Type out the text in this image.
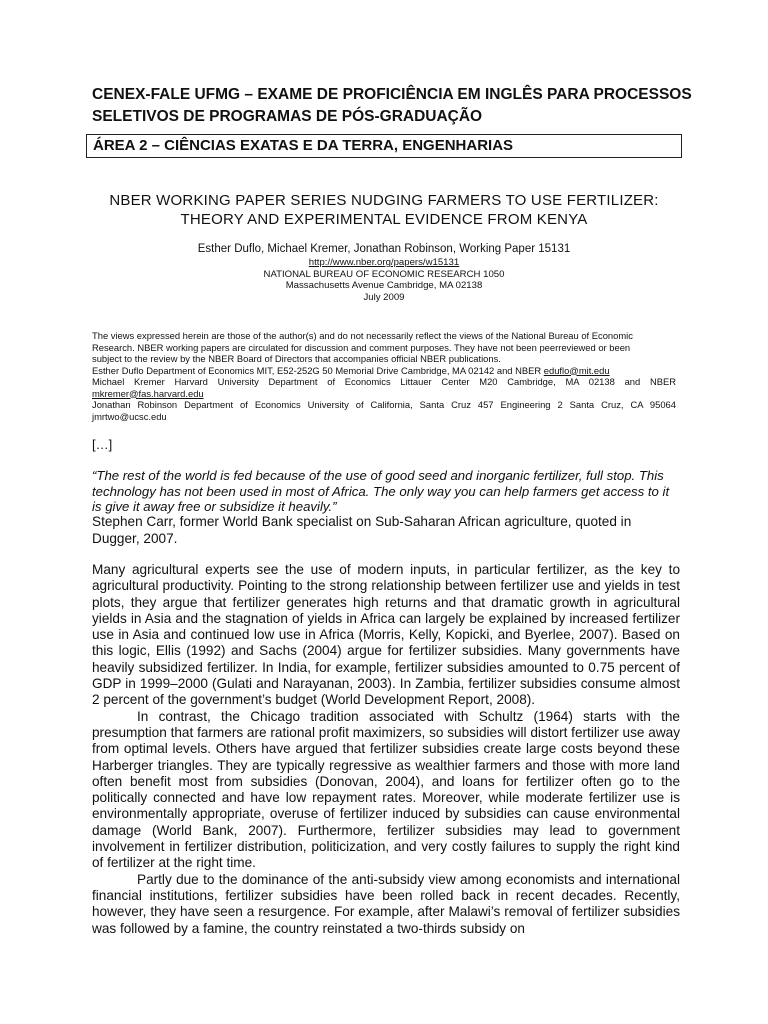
CENEX-FALE UFMG – EXAME DE PROFICIÊNCIA EM INGLÊS PARA PROCESSOS SELETIVOS DE PROGRAMAS DE PÓS-GRADUAÇÃO
ÁREA 2 – CIÊNCIAS EXATAS E DA TERRA, ENGENHARIAS
NBER WORKING PAPER SERIES NUDGING FARMERS TO USE FERTILIZER: THEORY AND EXPERIMENTAL EVIDENCE FROM KENYA
Esther Duflo, Michael Kremer, Jonathan Robinson, Working Paper 15131
http://www.nber.org/papers/w15131
NATIONAL BUREAU OF ECONOMIC RESEARCH 1050
Massachusetts Avenue Cambridge, MA 02138
July 2009
The views expressed herein are those of the author(s) and do not necessarily reflect the views of the National Bureau of Economic
Research. NBER working papers are circulated for discussion and comment purposes. They have not been peerreviewed or been
subject to the review by the NBER Board of Directors that accompanies official NBER publications.
Esther Duflo Department of Economics MIT, E52-252G 50 Memorial Drive Cambridge, MA 02142 and NBER eduflo@mit.edu
Michael Kremer Harvard University Department of Economics Littauer Center M20 Cambridge, MA 02138 and NBER
mkremer@fas.harvard.edu
Jonathan Robinson Department of Economics University of California, Santa Cruz 457 Engineering 2 Santa Cruz, CA 95064
jmrtwo@ucsc.edu
[…]

“The rest of the world is fed because of the use of good seed and inorganic fertilizer, full stop. This technology has not been used in most of Africa. The only way you can help farmers get access to it is give it away free or subsidize it heavily.”

Stephen Carr, former World Bank specialist on Sub-Saharan African agriculture, quoted in Dugger, 2007.

Many agricultural experts see the use of modern inputs, in particular fertilizer, as the key to agricultural productivity. Pointing to the strong relationship between fertilizer use and yields in test plots, they argue that fertilizer generates high returns and that dramatic growth in agricultural yields in Asia and the stagnation of yields in Africa can largely be explained by increased fertilizer use in Asia and continued low use in Africa (Morris, Kelly, Kopicki, and Byerlee, 2007). Based on this logic, Ellis (1992) and Sachs (2004) argue for fertilizer subsidies. Many governments have heavily subsidized fertilizer. In India, for example, fertilizer subsidies amounted to 0.75 percent of GDP in 1999–2000 (Gulati and Narayanan, 2003). In Zambia, fertilizer subsidies consume almost 2 percent of the government’s budget (World Development Report, 2008).

In contrast, the Chicago tradition associated with Schultz (1964) starts with the presumption that farmers are rational profit maximizers, so subsidies will distort fertilizer use away from optimal levels. Others have argued that fertilizer subsidies create large costs beyond these Harberger triangles. They are typically regressive as wealthier farmers and those with more land often benefit most from subsidies (Donovan, 2004), and loans for fertilizer often go to the politically connected and have low repayment rates. Moreover, while moderate fertilizer use is environmentally appropriate, overuse of fertilizer induced by subsidies can cause environmental damage (World Bank, 2007). Furthermore, fertilizer subsidies may lead to government involvement in fertilizer distribution, politicization, and very costly failures to supply the right kind of fertilizer at the right time.

Partly due to the dominance of the anti-subsidy view among economists and international financial institutions, fertilizer subsidies have been rolled back in recent decades. Recently, however, they have seen a resurgence. For example, after Malawi’s removal of fertilizer subsidies was followed by a famine, the country reinstated a two-thirds subsidy on
